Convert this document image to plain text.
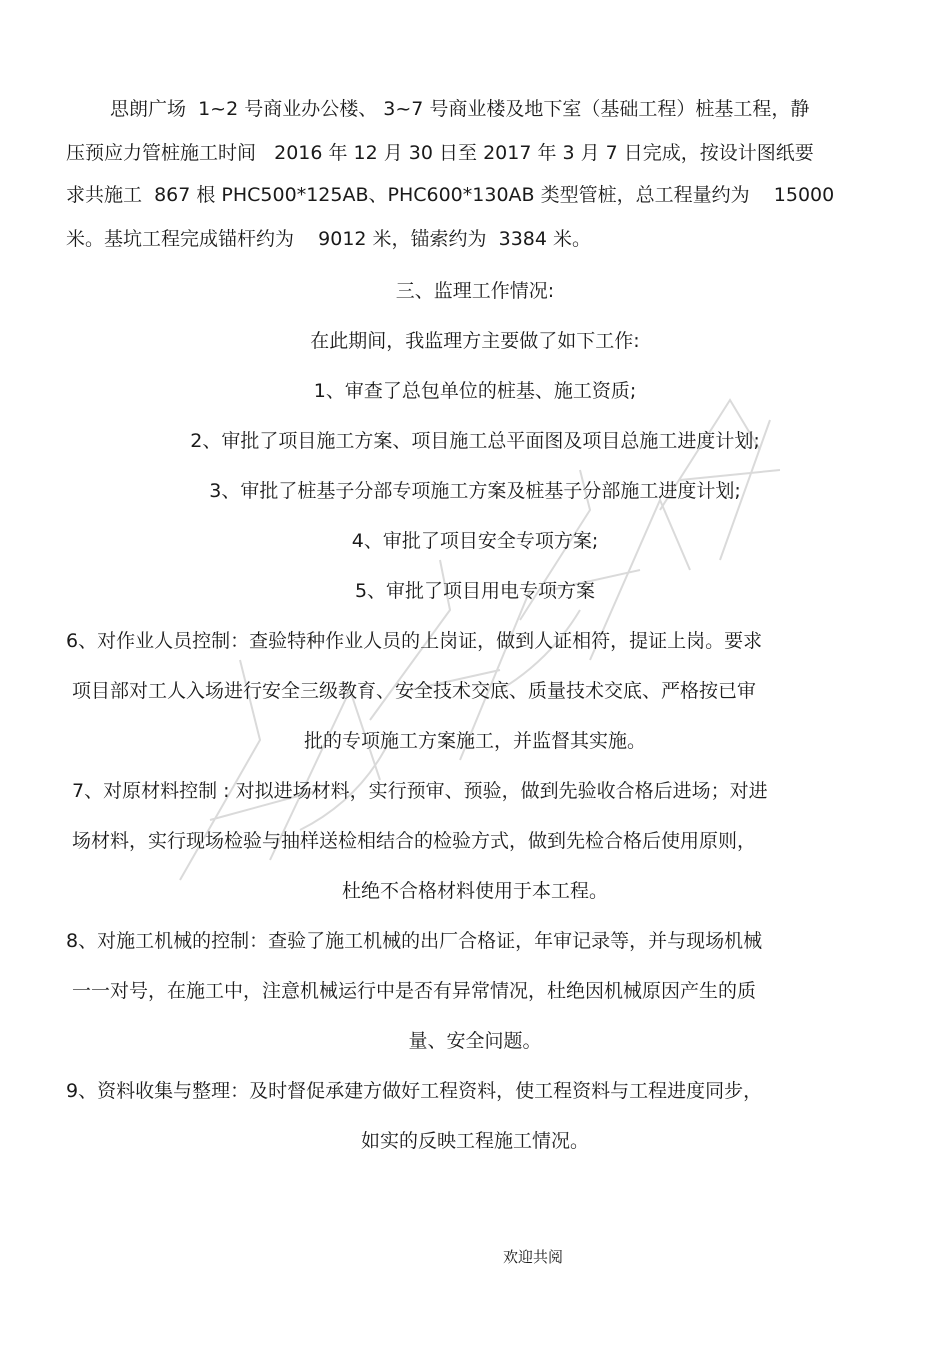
思朗广场  1~2 号商业办公楼、 3~7 号商业楼及地下室（基础工程）桩基工程，静

压预应力管桩施工时间   2016 年 12 月 30 日至 2017 年 3 月 7 日完成，按设计图纸要

求共施工  867 根 PHC500*125AB、PHC600*130AB 类型管桩，总工程量约为    15000

米。基坑工程完成锚杆约为    9012 米，锚索约为  3384 米。

三、监理工作情况:

在此期间，我监理方主要做了如下工作:

1、审查了总包单位的桩基、施工资质;

2、审批了项目施工方案、项目施工总平面图及项目总施工进度计划;

3、审批了桩基子分部专项施工方案及桩基子分部施工进度计划;

4、审批了项目安全专项方案;

5、审批了项目用电专项方案

6、对作业人员控制：查验特种作业人员的上岗证，做到人证相符，提证上岗。要求

项目部对工人入场进行安全三级教育、安全技术交底、质量技术交底、严格按已审

批的专项施工方案施工，并监督其实施。

7、对原材料控制 : 对拟进场材料，实行预审、预验，做到先验收合格后进场；对进

场材料，实行现场检验与抽样送检相结合的检验方式，做到先检合格后使用原则，

杜绝不合格材料使用于本工程。

8、对施工机械的控制：查验了施工机械的出厂合格证，年审记录等，并与现场机械

一一对号，在施工中，注意机械运行中是否有异常情况，杜绝因机械原因产生的质

量、安全问题。

9、资料收集与整理：及时督促承建方做好工程资料，使工程资料与工程进度同步，

如实的反映工程施工情况。

欢迎共阅
